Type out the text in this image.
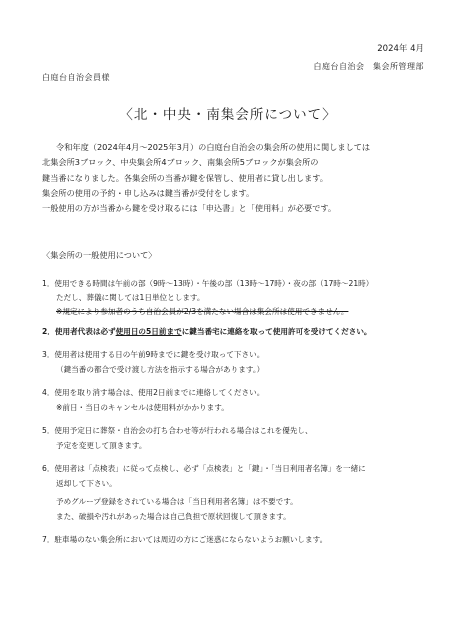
2024年 4月
白庭台自治会　集会所管理部
白庭台自治会員様
〈北・中央・南集会所について〉
令和年度（2024年4月〜2025年3月）の白庭台自治会の集会所の使用に関しましては
北集会所3ブロック、中央集会所4ブロック、南集会所5ブロックが集会所の
鍵当番になりました。各集会所の当番が鍵を保管し、使用者に貸し出します。
集会所の使用の予約・申し込みは鍵当番が受付をします。
一般使用の方が当番から鍵を受け取るには「申込書」と「使用料」が必要です。
〈集会所の一般使用について〉
1．使用できる時間は午前の部（9時〜13時）・午後の部（13時〜17時）・夜の部（17時〜21時）
ただし、葬儀に関しては1日単位とします。
※規定により参加者のうち自治会員が2/3を満たない場合は集会所は使用できません。
2．使用者代表は必ず使用日の5日前までに鍵当番宅に連絡を取って使用許可を受けてください。
3．使用者は使用する日の午前9時までに鍵を受け取って下さい。
（鍵当番の都合で受け渡し方法を指示する場合があります。）
4．使用を取り消す場合は、使用2日前までに連絡してください。
※前日・当日のキャンセルは使用料がかかります。
5．使用予定日に葬祭・自治会の打ち合わせ等が行われる場合はこれを優先し、
予定を変更して頂きます。
6．使用者は「点検表」に従って点検し、必ず「点検表」と「鍵」・「当日利用者名簿」を一緒に
返却して下さい。
予めグループ登録をされている場合は「当日利用者名簿」は不要です。
また、破損や汚れがあった場合は自己負担で原状回復して頂きます。
7．駐車場のない集会所においては周辺の方にご迷惑にならないようお願いします。
